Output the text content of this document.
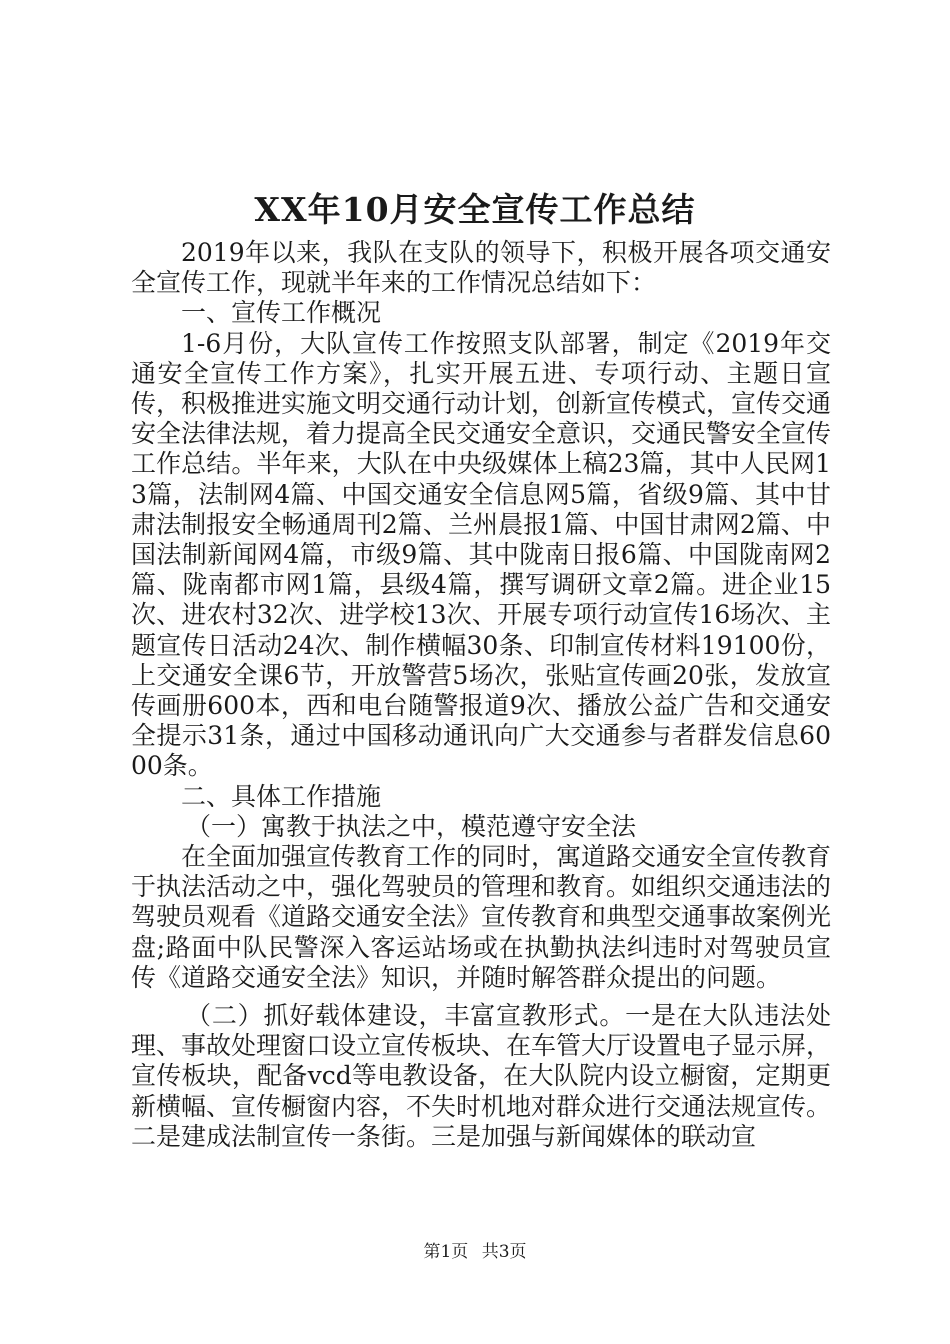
XX年10月安全宣传工作总结

2019年以来，我队在支队的领导下，积极开展各项交通安全宣传工作，现就半年来的工作情况总结如下：

一、宣传工作概况

1-6月份，大队宣传工作按照支队部署，制定《2019年交通安全宣传工作方案》，扎实开展五进、专项行动、主题日宣传，积极推进实施文明交通行动计划，创新宣传模式，宣传交通安全法律法规，着力提高全民交通安全意识，交通民警安全宣传工作总结。半年来，大队在中央级媒体上稿23篇，其中人民网13篇，法制网4篇、中国交通安全信息网5篇，省级9篇、其中甘肃法制报安全畅通周刊2篇、兰州晨报1篇、中国甘肃网2篇、中国法制新闻网4篇，市级9篇、其中陇南日报6篇、中国陇南网2篇、陇南都市网1篇，县级4篇，撰写调研文章2篇。进企业15次、进农村32次、进学校13次、开展专项行动宣传16场次、主题宣传日活动24次、制作横幅30条、印制宣传材料19100份，上交通安全课6节，开放警营5场次，张贴宣传画20张，发放宣传画册600本，西和电台随警报道9次、播放公益广告和交通安全提示31条，通过中国移动通讯向广大交通参与者群发信息6000条。

二、具体工作措施

（一）寓教于执法之中，模范遵守安全法

在全面加强宣传教育工作的同时，寓道路交通安全宣传教育于执法活动之中，强化驾驶员的管理和教育。如组织交通违法的驾驶员观看《道路交通安全法》宣传教育和典型交通事故案例光盘;路面中队民警深入客运站场或在执勤执法纠违时对驾驶员宣传《道路交通安全法》知识，并随时解答群众提出的问题。

（二）抓好载体建设，丰富宣教形式。一是在大队违法处理、事故处理窗口设立宣传板块、在车管大厅设置电子显示屏，宣传板块，配备vcd等电教设备，在大队院内设立橱窗，定期更新横幅、宣传橱窗内容，不失时机地对群众进行交通法规宣传。二是建成法制宣传一条街。三是加强与新闻媒体的联动宣

第1页 共3页
